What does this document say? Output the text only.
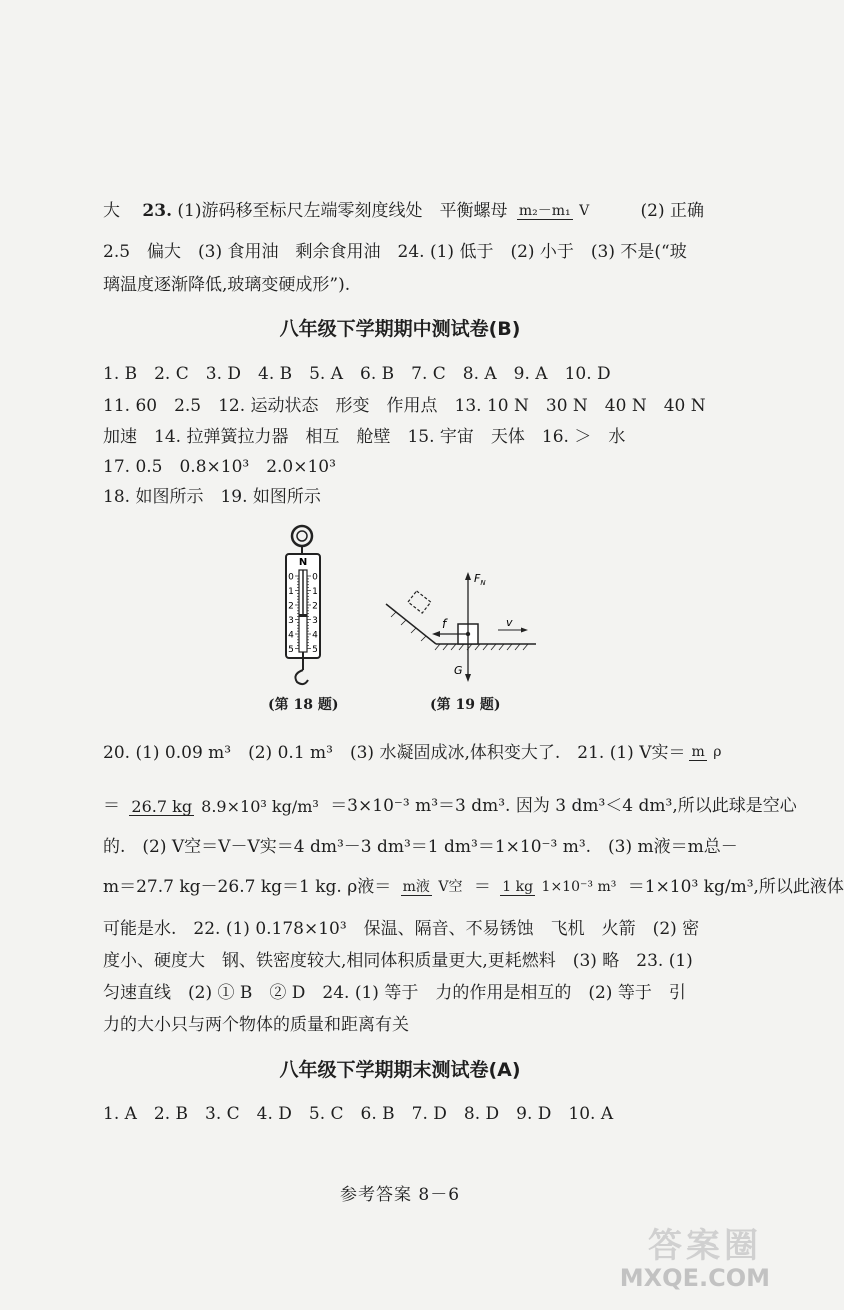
大　 23. (1)游码移至标尺左端零刻度线处　平衡螺母 m₂－m₁ V	(2) 正确
2.5　偏大　(3) 食用油　剩余食用油　24. (1) 低于　(2) 小于　(3) 不是(“玻
璃温度逐渐降低,玻璃变硬成形”).
八年级下学期期中测试卷(B)
1. B　2. C　3. D　4. B　5. A　6. B　7. C　8. A　9. A　10. D
11. 60　2.5　12. 运动状态　形变　作用点　13. 10 N　30 N　40 N　40 N
加速　14. 拉弹簧拉力器　相互　舱壁　15. 宇宙　天体　16. ＞　水
17. 0.5　0.8×10³　2.0×10³
18. 如图所示　19. 如图所示
N
0 0
1 1
2 2
3 3
4 4
5 5
(第 18 题)
$F_N$
f	v
G
(第 19 题)
20. (1) 0.09 m³　(2) 0.1 m³　(3) 水凝固成冰,体积变大了.　21. (1) V实＝ m ρ
＝ 26.7 kg 8.9×10³ kg/m³ ＝3×10⁻³ m³＝3 dm³. 因为 3 dm³＜4 dm³,所以此球是空心
的.　(2) V空＝V－V实＝4 dm³－3 dm³＝1 dm³＝1×10⁻³ m³.　(3) m液＝m总－
m＝27.7 kg－26.7 kg＝1 kg. ρ液＝ m液 V空 ＝ 1 kg 1×10⁻³ m³ ＝1×10³ kg/m³,所以此液体
可能是水.　22. (1) 0.178×10³　保温、隔音、不易锈蚀　飞机　火箭　(2) 密
度小、硬度大　钢、铁密度较大,相同体积质量更大,更耗燃料　(3) 略　23. (1)
匀速直线　(2) ① B　② D　24. (1) 等于　力的作用是相互的　(2) 等于　引
力的大小只与两个物体的质量和距离有关
八年级下学期期末测试卷(A)
1. A　2. B　3. C　4. D　5. C　6. B　7. D　8. D　9. D　10. A
参考答案 8－6
答案圈
MXQE.COM
